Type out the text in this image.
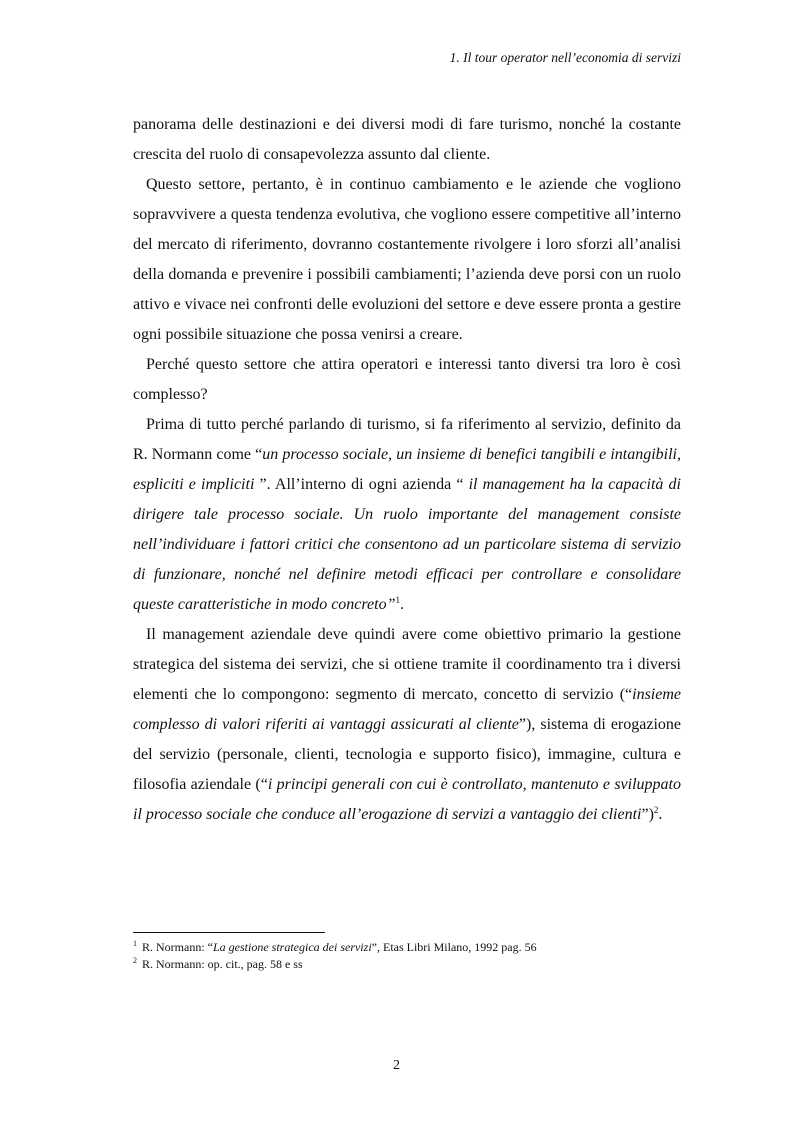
1. Il tour operator nell’economia di servizi

panorama delle destinazioni e dei diversi modi di fare turismo, nonché la costante crescita del ruolo di consapevolezza assunto dal cliente.

Questo settore, pertanto, è in continuo cambiamento e le aziende che vogliono sopravvivere a questa tendenza evolutiva, che vogliono essere competitive all’interno del mercato di riferimento, dovranno costantemente rivolgere i loro sforzi all’analisi della domanda e prevenire i possibili cambiamenti; l’azienda deve porsi con un ruolo attivo e vivace nei confronti delle evoluzioni del settore e deve essere pronta a gestire ogni possibile situazione che possa venirsi a creare.

Perché questo settore che attira operatori e interessi tanto diversi tra loro è così complesso?

Prima di tutto perché parlando di turismo, si fa riferimento al servizio, definito da R. Normann come “un processo sociale, un insieme di benefici tangibili e intangibili, espliciti e impliciti ”. All’interno di ogni azienda “ il management ha la capacità di dirigere tale processo sociale. Un ruolo importante del management consiste nell’individuare i fattori critici che consentono ad un particolare sistema di servizio di funzionare, nonché nel definire metodi efficaci per controllare e consolidare queste caratteristiche in modo concreto”$^1$.

Il management aziendale deve quindi avere come obiettivo primario la gestione strategica del sistema dei servizi, che si ottiene tramite il coordinamento tra i diversi elementi che lo compongono: segmento di mercato, concetto di servizio (“insieme complesso di valori riferiti ai vantaggi assicurati al cliente”), sistema di erogazione del servizio (personale, clienti, tecnologia e supporto fisico), immagine, cultura e filosofia aziendale (“i principi generali con cui è controllato, mantenuto e sviluppato il processo sociale che conduce all’erogazione di servizi a vantaggio dei clienti”)$^2$.

$^1$ R. Normann: “La gestione strategica dei servizi”, Etas Libri Milano, 1992 pag. 56

$^2$ R. Normann: op. cit., pag. 58 e ss

2
